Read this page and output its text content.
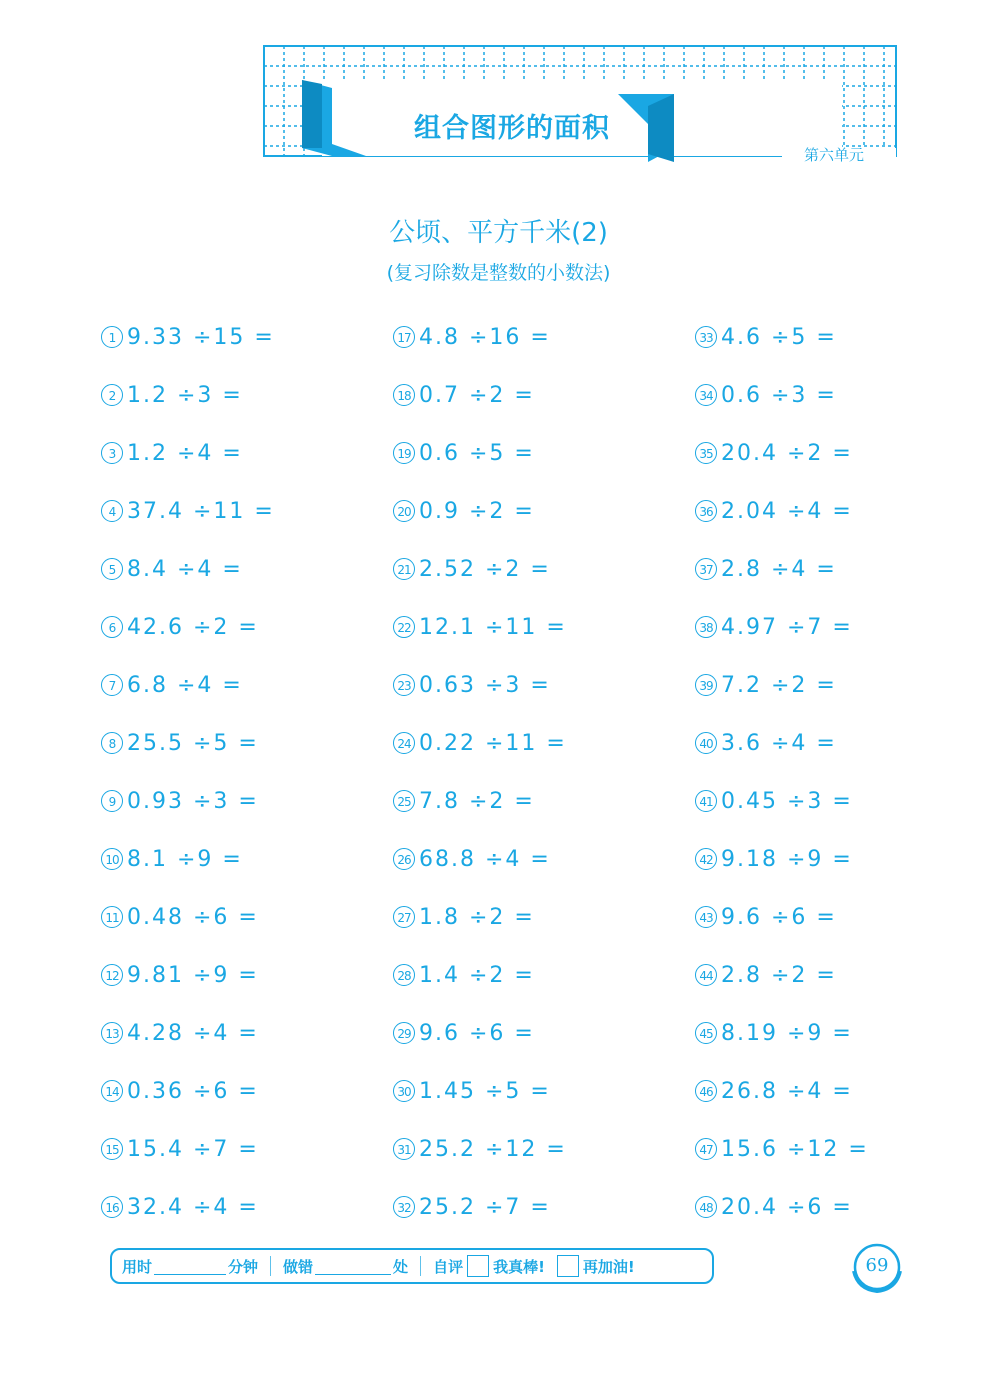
组合图形的面积
第六单元
公顷、平方千米(2)
(复习除数是整数的小数法)
1 9.33 ÷15 =
2 1.2 ÷3 =
3 1.2 ÷4 =
4 37.4 ÷11 =
5 8.4 ÷4 =
6 42.6 ÷2 =
7 6.8 ÷4 =
8 25.5 ÷5 =
9 0.93 ÷3 =
10 8.1 ÷9 =
11 0.48 ÷6 =
12 9.81 ÷9 =
13 4.28 ÷4 =
14 0.36 ÷6 =
15 15.4 ÷7 =
16 32.4 ÷4 =
17 4.8 ÷16 =
18 0.7 ÷2 =
19 0.6 ÷5 =
20 0.9 ÷2 =
21 2.52 ÷2 =
22 12.1 ÷11 =
23 0.63 ÷3 =
24 0.22 ÷11 =
25 7.8 ÷2 =
26 68.8 ÷4 =
27 1.8 ÷2 =
28 1.4 ÷2 =
29 9.6 ÷6 =
30 1.45 ÷5 =
31 25.2 ÷12 =
32 25.2 ÷7 =
33 4.6 ÷5 =
34 0.6 ÷3 =
35 20.4 ÷2 =
36 2.04 ÷4 =
37 2.8 ÷4 =
38 4.97 ÷7 =
39 7.2 ÷2 =
40 3.6 ÷4 =
41 0.45 ÷3 =
42 9.18 ÷9 =
43 9.6 ÷6 =
44 2.8 ÷2 =
45 8.19 ÷9 =
46 26.8 ÷4 =
47 15.6 ÷12 =
48 20.4 ÷6 =
用时	分钟 做错	处 自评 我真棒!	再加油!	69
